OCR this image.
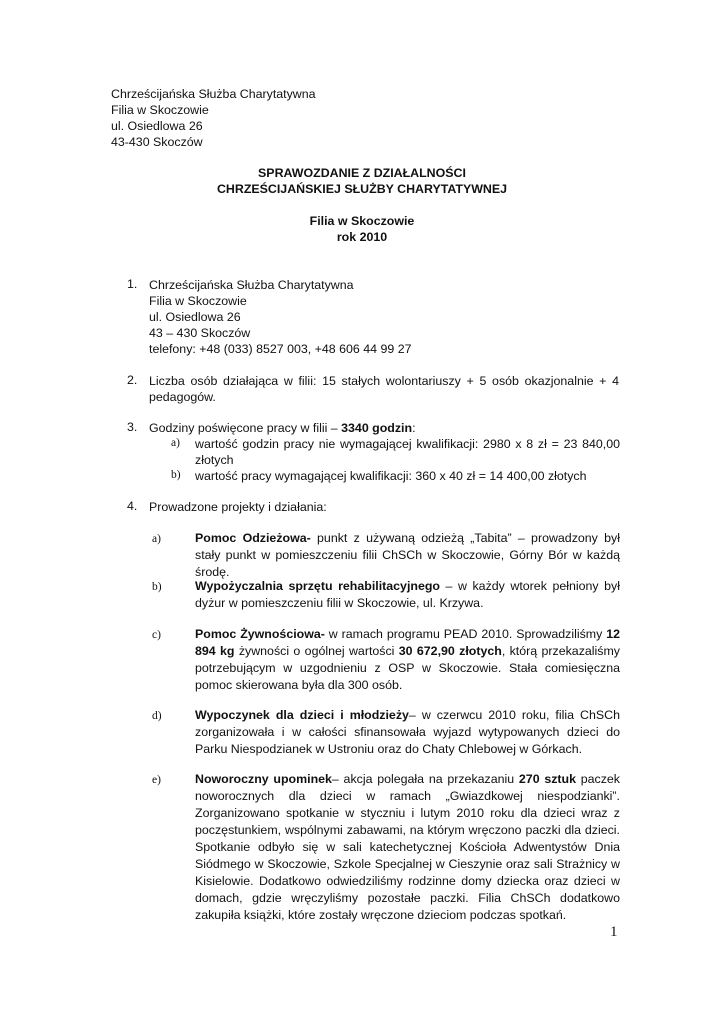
Chrześcijańska Służba Charytatywna
Filia w Skoczowie
ul. Osiedlowa 26
43-430 Skoczów
SPRAWOZDANIE Z DZIAŁALNOŚCI
CHRZEŚCIJAŃSKIEJ SŁUŻBY CHARYTATYWNEJ
Filia w Skoczowie
rok 2010
1. Chrześcijańska Służba Charytatywna
Filia w Skoczowie
ul. Osiedlowa 26
43 – 430 Skoczów
telefony: +48 (033) 8527 003, +48 606 44 99 27
2. Liczba osób działająca w filii: 15 stałych wolontariuszy + 5 osób okazjonalnie + 4 pedagogów.
3. Godziny poświęcone pracy w filii – 3340 godzin:
a) wartość godzin pracy nie wymagającej kwalifikacji: 2980 x 8 zł = 23 840,00 złotych
b) wartość pracy wymagającej kwalifikacji: 360 x 40 zł = 14 400,00 złotych
4. Prowadzone projekty i działania:
a)	Pomoc Odzieżowa- punkt z używaną odzieżą „Tabita” – prowadzony był stały punkt w pomieszczeniu filii ChSCh w Skoczowie, Górny Bór w każdą środę.
b)	Wypożyczalnia sprzętu rehabilitacyjnego – w każdy wtorek pełniony był dyżur w pomieszczeniu filii w Skoczowie, ul. Krzywa.
c)	Pomoc Żywnościowa- w ramach programu PEAD 2010. Sprowadziliśmy 12 894 kg żywności o ogólnej wartości 30 672,90 złotych, którą przekazaliśmy potrzebującym w uzgodnieniu z OSP w Skoczowie. Stała comiesięczna pomoc skierowana była dla 300 osób.
d)	Wypoczynek dla dzieci i młodzieży– w czerwcu 2010 roku, filia ChSCh zorganizowała i w całości sfinansowała wyjazd wytypowanych dzieci do Parku Niespodzianek w Ustroniu oraz do Chaty Chlebowej w Górkach.
e)	Noworoczny upominek– akcja polegała na przekazaniu 270 sztuk paczek noworocznych dla dzieci w ramach „Gwiazdkowej niespodzianki”. Zorganizowano spotkanie w styczniu i lutym 2010 roku dla dzieci wraz z poczęstunkiem, wspólnymi zabawami, na którym wręczono paczki dla dzieci. Spotkanie odbyło się w sali katechetycznej Kościoła Adwentystów Dnia Siódmego w Skoczowie, Szkole Specjalnej w Cieszynie oraz sali Strażnicy w Kisielowie. Dodatkowo odwiedziliśmy rodzinne domy dziecka oraz dzieci w domach, gdzie wręczyliśmy pozostałe paczki. Filia ChSCh dodatkowo zakupiła książki, które zostały wręczone dzieciom podczas spotkań.
1
